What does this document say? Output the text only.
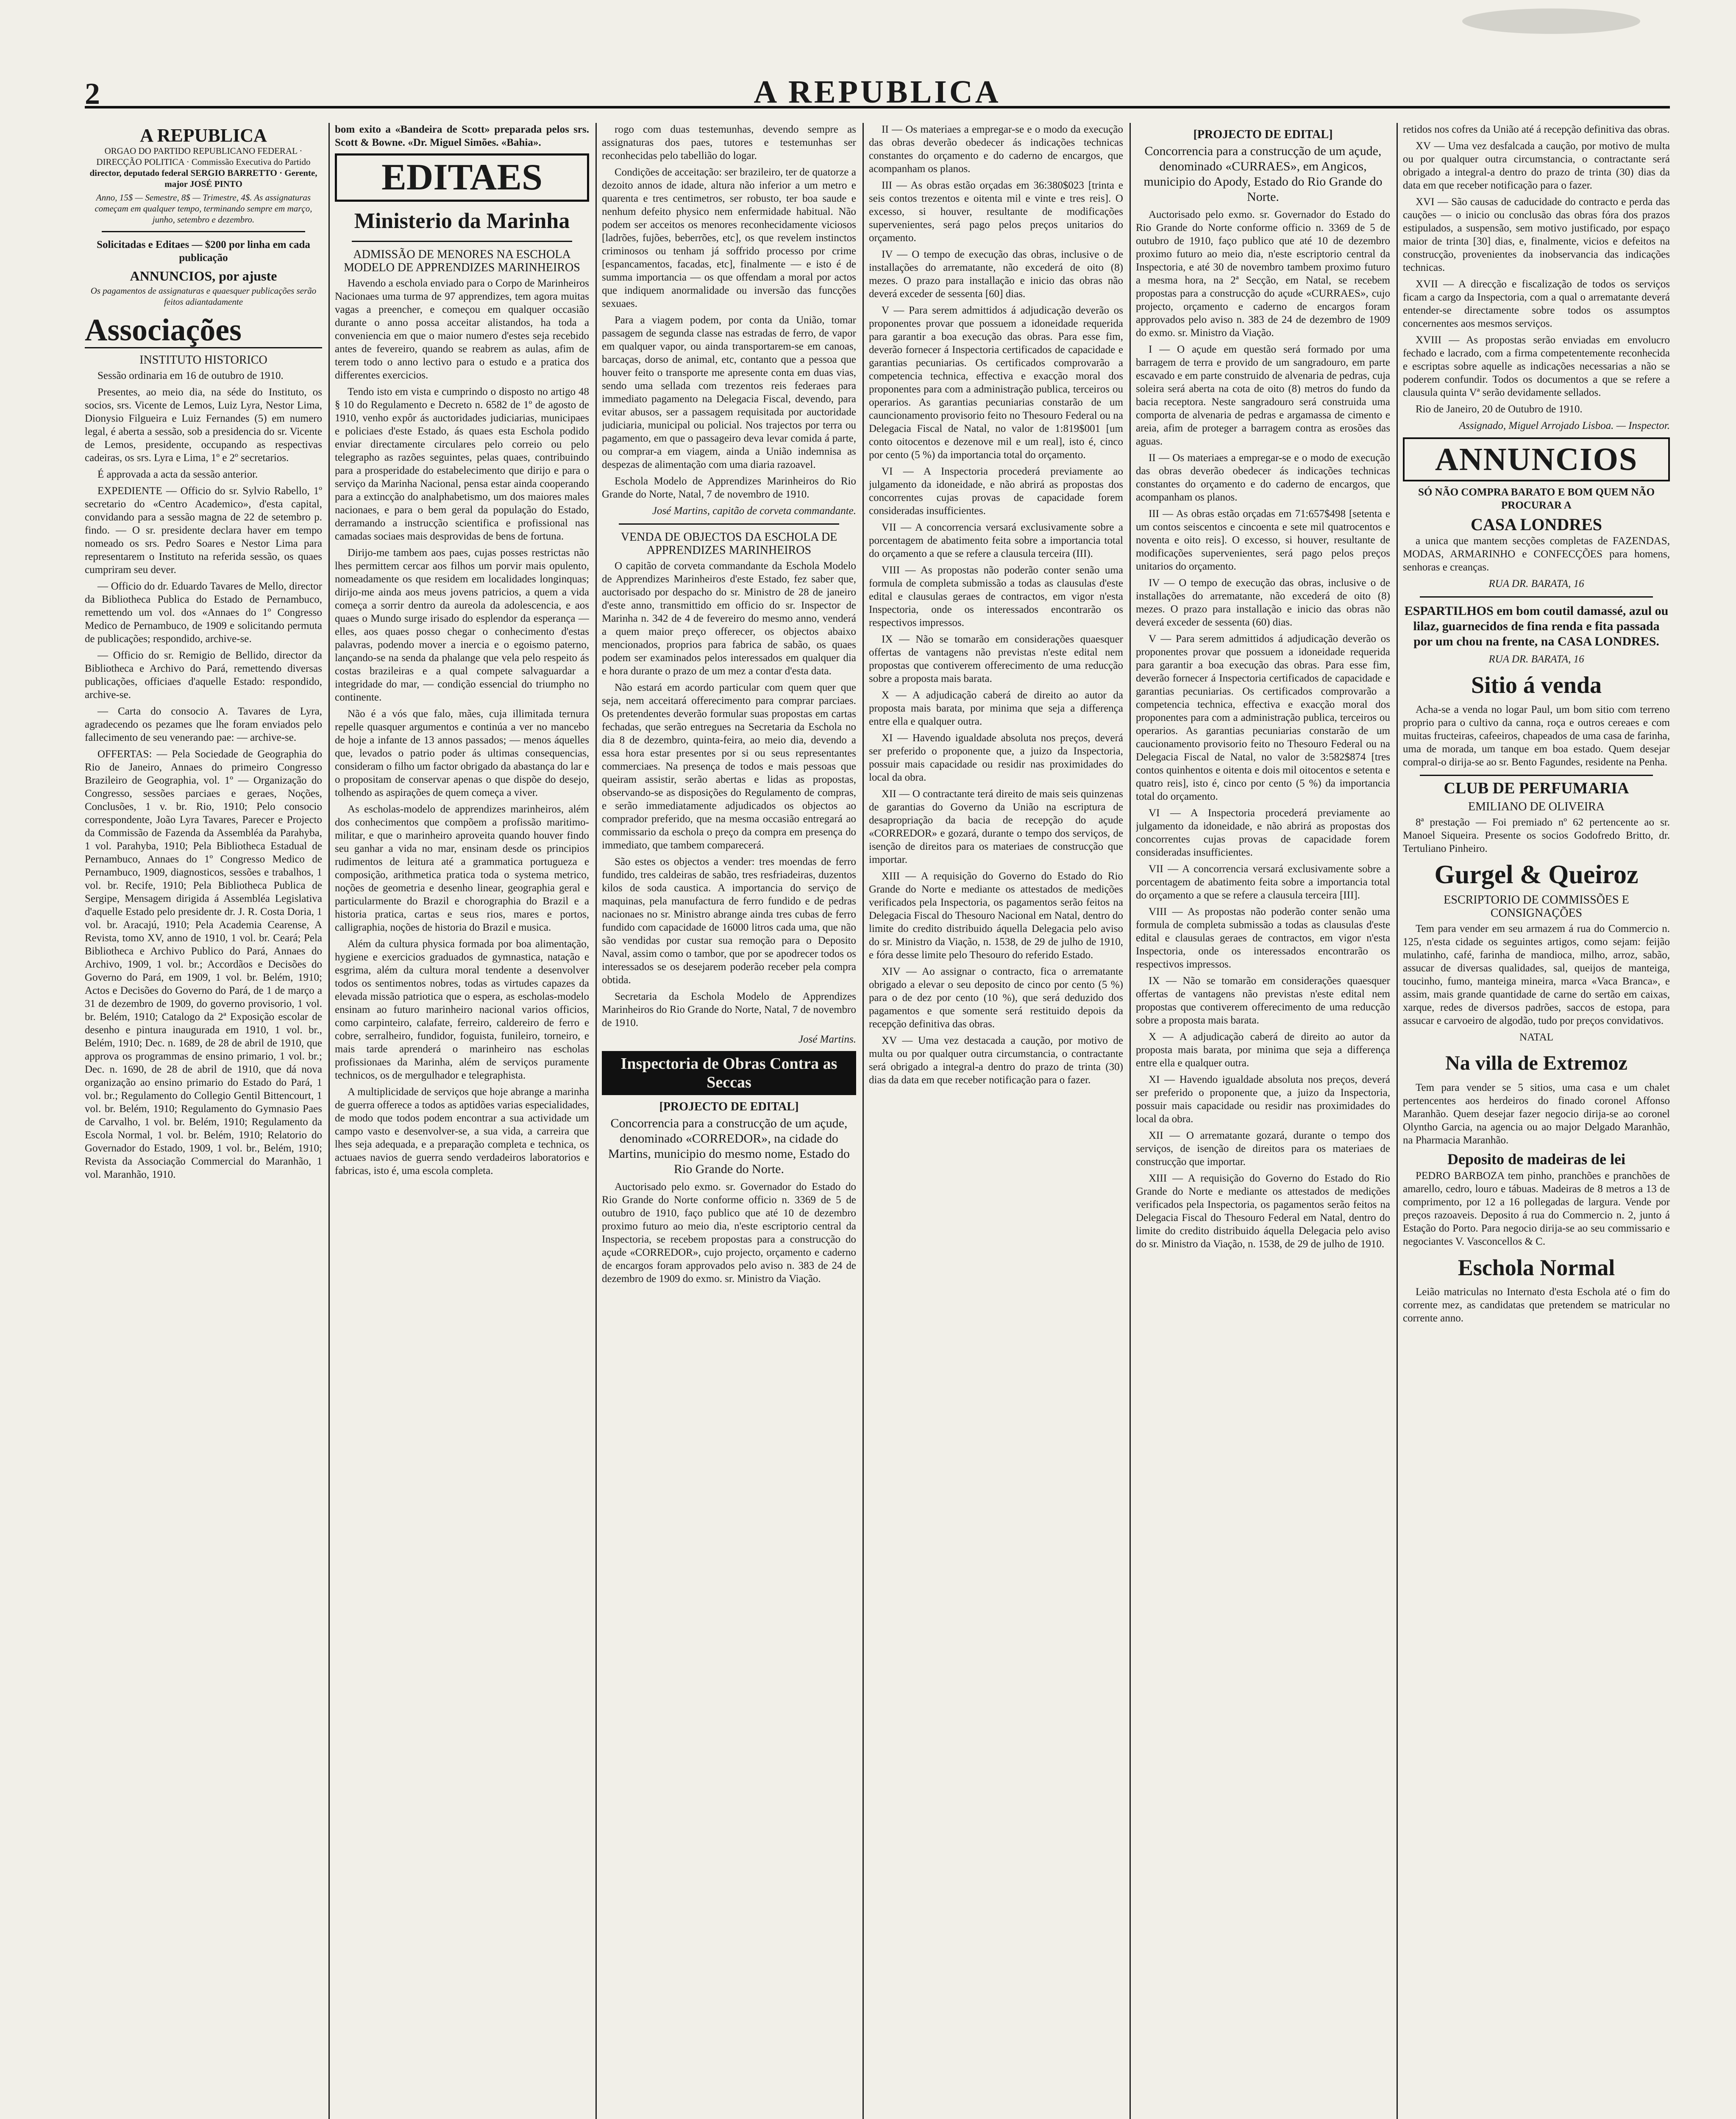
2	A REPUBLICA
A REPUBLICA
ORGAO DO PARTIDO REPUBLICANO FEDERAL · DIRECÇÃO POLITICA · Commissão Executiva do Partido
director, deputado federal SERGIO BARRETTO · Gerente, major JOSÉ PINTO
Anno, 15$ — Semestre, 8$ — Trimestre, 4$. As assignaturas começam em qualquer tempo, terminando sempre em março, junho, setembro e dezembro.
Solicitadas e Editaes — $200 por linha em cada publicação
ANNUNCIOS, por ajuste
Os pagamentos de assignaturas e quaesquer publicações serão feitos adiantadamente
Associações
INSTITUTO HISTORICO

Sessão ordinaria em 16 de outubro de 1910.

Presentes, ao meio dia, na séde do Instituto, os socios, srs. Vicente de Lemos, Luiz Lyra, Nestor Lima, Dionysio Filgueira e Luiz Fernandes (5) em numero legal, é aberta a sessão, sob a presidencia do sr. Vicente de Lemos, presidente, occupando as respectivas cadeiras, os srs. Lyra e Lima, 1º e 2º secretarios.

É approvada a acta da sessão anterior.

EXPEDIENTE — Officio do sr. Sylvio Rabello, 1º secretario do «Centro Academico», d'esta capital, convidando para a sessão magna de 22 de setembro p. findo. — O sr. presidente declara haver em tempo nomeado os srs. Pedro Soares e Nestor Lima para representarem o Instituto na referida sessão, os quaes cumpriram seu dever.

— Officio do dr. Eduardo Tavares de Mello, director da Bibliotheca Publica do Estado de Pernambuco, remettendo um vol. dos «Annaes do 1º Congresso Medico de Pernambuco, de 1909 e solicitando permuta de publicações; respondido, archive-se.

— Officio do sr. Remigio de Bellido, director da Bibliotheca e Archivo do Pará, remettendo diversas publicações, officiaes d'aquelle Estado: respondido, archive-se.

— Carta do consocio A. Tavares de Lyra, agradecendo os pezames que lhe foram enviados pelo fallecimento de seu venerando pae: — archive-se.

OFFERTAS: — Pela Sociedade de Geographia do Rio de Janeiro, Annaes do primeiro Congresso Brazileiro de Geographia, vol. 1º — Organização do Congresso, sessões parciaes e geraes, Noções, Conclusões, 1 v. br. Rio, 1910; Pelo consocio correspondente, João Lyra Tavares, Parecer e Projecto da Commissão de Fazenda da Assembléa da Parahyba, 1 vol. Parahyba, 1910; Pela Bibliotheca Estadual de Pernambuco, Annaes do 1º Congresso Medico de Pernambuco, 1909, diagnosticos, sessões e trabalhos, 1 vol. br. Recife, 1910; Pela Bibliotheca Publica de Sergipe, Mensagem dirigida á Assembléa Legislativa d'aquelle Estado pelo presidente dr. J. R. Costa Doria, 1 vol. br. Aracajú, 1910; Pela Academia Cearense, A Revista, tomo XV, anno de 1910, 1 vol. br. Ceará; Pela Bibliotheca e Archivo Publico do Pará, Annaes do Archivo, 1909, 1 vol. br.; Accordãos e Decisões do Governo do Pará, em 1909, 1 vol. br. Belém, 1910; Actos e Decisões do Governo do Pará, de 1 de março a 31 de dezembro de 1909, do governo provisorio, 1 vol. br. Belém, 1910; Catalogo da 2ª Exposição escolar de desenho e pintura inaugurada em 1910, 1 vol. br., Belém, 1910; Dec. n. 1689, de 28 de abril de 1910, que approva os programmas de ensino primario, 1 vol. br.; Dec. n. 1690, de 28 de abril de 1910, que dá nova organização ao ensino primario do Estado do Pará, 1 vol. br.; Regulamento do Collegio Gentil Bittencourt, 1 vol. br. Belém, 1910; Regulamento do Gymnasio Paes de Carvalho, 1 vol. br. Belém, 1910; Regulamento da Escola Normal, 1 vol. br. Belém, 1910; Relatorio do Governador do Estado, 1909, 1 vol. br., Belém, 1910; Revista da Associação Commercial do Maranhão, 1 vol. Maranhão, 1910.

bom exito a «Bandeira de Scott» preparada pelos srs. Scott & Bowne. «Dr. Miguel Simões. «Bahia».
EDITAES
Ministerio da Marinha
ADMISSÃO DE MENORES NA ESCHOLA MODELO DE APPRENDIZES MARINHEIROS

Havendo a eschola enviado para o Corpo de Marinheiros Nacionaes uma turma de 97 apprendizes, tem agora muitas vagas a preencher, e começou em qualquer occasião durante o anno possa acceitar alistandos, ha toda a conveniencia em que o maior numero d'estes seja recebido antes de fevereiro, quando se reabrem as aulas, afim de terem todo o anno lectivo para o estudo e a pratica dos differentes exercicios.

Tendo isto em vista e cumprindo o disposto no artigo 48 § 10 do Regulamento e Decreto n. 6582 de 1º de agosto de 1910, venho expôr ás auctoridades judiciarias, municipaes e policiaes d'este Estado, ás quaes esta Eschola podido enviar directamente circulares pelo correio ou pelo telegrapho as razões seguintes, pelas quaes, contribuindo para a prosperidade do estabelecimento que dirijo e para o serviço da Marinha Nacional, pensa estar ainda cooperando para a extincção do analphabetismo, um dos maiores males nacionaes, e para o bem geral da população do Estado, derramando a instrucção scientifica e profissional nas camadas sociaes mais desprovidas de bens de fortuna.

Dirijo-me tambem aos paes, cujas posses restrictas não lhes permittem cercar aos filhos um porvir mais opulento, nomeadamente os que residem em localidades longinquas; dirijo-me ainda aos meus jovens patricios, a quem a vida começa a sorrir dentro da aureola da adolescencia, e aos quaes o Mundo surge irisado do esplendor da esperança — elles, aos quaes posso chegar o conhecimento d'estas palavras, podendo mover a inercia e o egoismo paterno, lançando-se na senda da phalange que vela pelo respeito ás costas brazileiras e a qual compete salvaguardar a integridade do mar, — condição essencial do triumpho no continente.

Não é a vós que falo, mães, cuja illimitada ternura repelle quasquer argumentos e continúa a ver no mancebo de hoje a infante de 13 annos passados; — menos áquelles que, levados o patrio poder ás ultimas consequencias, consideram o filho um factor obrigado da abastança do lar e o propositam de conservar apenas o que dispõe do desejo, tolhendo as aspirações de quem começa a viver.

As escholas-modelo de apprendizes marinheiros, além dos conhecimentos que compõem a profissão maritimo-militar, e que o marinheiro aproveita quando houver findo seu ganhar a vida no mar, ensinam desde os principios rudimentos de leitura até a grammatica portugueza e composição, arithmetica pratica toda o systema metrico, noções de geometria e desenho linear, geographia geral e particularmente do Brazil e chorographia do Brazil e a historia pratica, cartas e seus rios, mares e portos, calligraphia, noções de historia do Brazil e musica.

Além da cultura physica formada por boa alimentação, hygiene e exercicios graduados de gymnastica, natação e esgrima, além da cultura moral tendente a desenvolver todos os sentimentos nobres, todas as virtudes capazes da elevada missão patriotica que o espera, as escholas-modelo ensinam ao futuro marinheiro nacional varios officios, como carpinteiro, calafate, ferreiro, caldereiro de ferro e cobre, serralheiro, fundidor, foguista, funileiro, torneiro, e mais tarde aprenderá o marinheiro nas escholas profissionaes da Marinha, além de serviços puramente technicos, os de mergulhador e telegraphista.

A multiplicidade de serviços que hoje abrange a marinha de guerra offerece a todos as aptidões varias especialidades, de modo que todos podem encontrar a sua actividade um campo vasto e desenvolver-se, a sua vida, a carreira que lhes seja adequada, e a preparação completa e technica, os actuaes navios de guerra sendo verdadeiros laboratorios e fabricas, isto é, uma escola completa.

rogo com duas testemunhas, devendo sempre as assignaturas dos paes, tutores e testemunhas ser reconhecidas pelo tabellião do logar.

Condições de acceitação: ser brazileiro, ter de quatorze a dezoito annos de idade, altura não inferior a um metro e quarenta e tres centimetros, ser robusto, ter boa saude e nenhum defeito physico nem enfermidade habitual. Não podem ser acceitos os menores reconhecidamente viciosos [ladrões, fujões, beberrões, etc], os que revelem instinctos criminosos ou tenham já soffrido processo por crime [espancamentos, facadas, etc], finalmente — e isto é de summa importancia — os que offendam a moral por actos que indiquem anormalidade ou inversão das funcções sexuaes.

Para a viagem podem, por conta da União, tomar passagem de segunda classe nas estradas de ferro, de vapor em qualquer vapor, ou ainda transportarem-se em canoas, barcaças, dorso de animal, etc, contanto que a pessoa que houver feito o transporte me apresente conta em duas vias, sendo uma sellada com trezentos reis federaes para immediato pagamento na Delegacia Fiscal, devendo, para evitar abusos, ser a passagem requisitada por auctoridade judiciaria, municipal ou policial. Nos trajectos por terra ou pagamento, em que o passageiro deva levar comida á parte, ou comprar-a em viagem, ainda a União indemnisa as despezas de alimentação com uma diaria razoavel.

Eschola Modelo de Apprendizes Marinheiros do Rio Grande do Norte, Natal, 7 de novembro de 1910.

José Martins, capitão de corveta commandante.
VENDA DE OBJECTOS DA ESCHOLA DE APPRENDIZES MARINHEIROS

O capitão de corveta commandante da Eschola Modelo de Apprendizes Marinheiros d'este Estado, fez saber que, auctorisado por despacho do sr. Ministro de 28 de janeiro d'este anno, transmittido em officio do sr. Inspector de Marinha n. 342 de 4 de fevereiro do mesmo anno, venderá a quem maior preço offerecer, os objectos abaixo mencionados, proprios para fabrica de sabão, os quaes podem ser examinados pelos interessados em qualquer dia e hora durante o prazo de um mez a contar d'esta data.

Não estará em acordo particular com quem quer que seja, nem acceitará offerecimento para comprar parciaes. Os pretendentes deverão formular suas propostas em cartas fechadas, que serão entregues na Secretaria da Eschola no dia 8 de dezembro, quinta-feira, ao meio dia, devendo a essa hora estar presentes por si ou seus representantes commerciaes. Na presença de todos e mais pessoas que queiram assistir, serão abertas e lidas as propostas, observando-se as disposições do Regulamento de compras, e serão immediatamente adjudicados os objectos ao comprador preferido, que na mesma occasião entregará ao commissario da eschola o preço da compra em presença do immediato, que tambem comparecerá.

São estes os objectos a vender: tres moendas de ferro fundido, tres caldeiras de sabão, tres resfriadeiras, duzentos kilos de soda caustica. A importancia do serviço de maquinas, pela manufactura de ferro fundido e de pedras nacionaes no sr. Ministro abrange ainda tres cubas de ferro fundido com capacidade de 16000 litros cada uma, que não são vendidas por custar sua remoção para o Deposito Naval, assim como o tambor, que por se apodrecer todos os interessados se os desejarem poderão receber pela compra obtida.

Secretaria da Eschola Modelo de Apprendizes Marinheiros do Rio Grande do Norte, Natal, 7 de novembro de 1910.

José Martins.
Inspectoria de Obras Contra as Seccas
[PROJECTO DE EDITAL]
Concorrencia para a construcção de um açude, denominado «CORREDOR», na cidade do Martins, municipio do mesmo nome, Estado do Rio Grande do Norte.
Auctorisado pelo exmo. sr. Governador do Estado do Rio Grande do Norte conforme officio n. 3369 de 5 de outubro de 1910, faço publico que até 10 de dezembro proximo futuro ao meio dia, n'este escriptorio central da Inspectoria, se recebem propostas para a construcção do açude «CORREDOR», cujo projecto, orçamento e caderno de encargos foram approvados pelo aviso n. 383 de 24 de dezembro de 1909 do exmo. sr. Ministro da Viação.

II — Os materiaes a empregar-se e o modo da execução das obras deverão obedecer ás indicações technicas constantes do orçamento e do caderno de encargos, que acompanham os planos.

III — As obras estão orçadas em 36:380$023 [trinta e seis contos trezentos e oitenta mil e vinte e tres reis]. O excesso, si houver, resultante de modificações supervenientes, será pago pelos preços unitarios do orçamento.

IV — O tempo de execução das obras, inclusive o de installações do arrematante, não excederá de oito (8) mezes. O prazo para installação e inicio das obras não deverá exceder de sessenta [60] dias.

V — Para serem admittidos á adjudicação deverão os proponentes provar que possuem a idoneidade requerida para garantir a boa execução das obras. Para esse fim, deverão fornecer á Inspectoria certificados de capacidade e garantias pecuniarias. Os certificados comprovarão a competencia technica, effectiva e exacção moral dos proponentes para com a administração publica, terceiros ou operarios. As garantias pecuniarias constarão de um cauncionamento provisorio feito no Thesouro Federal ou na Delegacia Fiscal de Natal, no valor de 1:819$001 [um conto oitocentos e dezenove mil e um real], isto é, cinco por cento (5 %) da importancia total do orçamento.

VI — A Inspectoria procederá previamente ao julgamento da idoneidade, e não abrirá as propostas dos concorrentes cujas provas de capacidade forem consideradas insufficientes.

VII — A concorrencia versará exclusivamente sobre a porcentagem de abatimento feita sobre a importancia total do orçamento a que se refere a clausula terceira (III).

VIII — As propostas não poderão conter senão uma formula de completa submissão a todas as clausulas d'este edital e clausulas geraes de contractos, em vigor n'esta Inspectoria, onde os interessados encontrarão os respectivos impressos.

IX — Não se tomarão em considerações quaesquer offertas de vantagens não previstas n'este edital nem propostas que contiverem offerecimento de uma reducção sobre a proposta mais barata.

X — A adjudicação caberá de direito ao autor da proposta mais barata, por minima que seja a differença entre ella e qualquer outra.

XI — Havendo igualdade absoluta nos preços, deverá ser preferido o proponente que, a juizo da Inspectoria, possuir mais capacidade ou residir nas proximidades do local da obra.

XII — O contractante terá direito de mais seis quinzenas de garantias do Governo da União na escriptura de desapropriação da bacia de recepção do açude «CORREDOR» e gozará, durante o tempo dos serviços, de isenção de direitos para os materiaes de construcção que importar.

XIII — A requisição do Governo do Estado do Rio Grande do Norte e mediante os attestados de medições verificados pela Inspectoria, os pagamentos serão feitos na Delegacia Fiscal do Thesouro Nacional em Natal, dentro do limite do credito distribuido áquella Delegacia pelo aviso do sr. Ministro da Viação, n. 1538, de 29 de julho de 1910, e fóra desse limite pelo Thesouro do referido Estado.

XIV — Ao assignar o contracto, fica o arrematante obrigado a elevar o seu deposito de cinco por cento (5 %) para o de dez por cento (10 %), que será deduzido dos pagamentos e que somente será restituido depois da recepção definitiva das obras.

XV — Uma vez destacada a caução, por motivo de multa ou por qualquer outra circumstancia, o contractante será obrigado a integral-a dentro do prazo de trinta (30) dias da data em que receber notificação para o fazer.

[PROJECTO DE EDITAL]
Concorrencia para a construcção de um açude, denominado «CURRAES», em Angicos, municipio do Apody, Estado do Rio Grande do Norte.

Auctorisado pelo exmo. sr. Governador do Estado do Rio Grande do Norte conforme officio n. 3369 de 5 de outubro de 1910, faço publico que até 10 de dezembro proximo futuro ao meio dia, n'este escriptorio central da Inspectoria, e até 30 de novembro tambem proximo futuro a mesma hora, na 2ª Secção, em Natal, se recebem propostas para a construcção do açude «CURRAES», cujo projecto, orçamento e caderno de encargos foram approvados pelo aviso n. 383 de 24 de dezembro de 1909 do exmo. sr. Ministro da Viação.

I — O açude em questão será formado por uma barragem de terra e provido de um sangradouro, em parte escavado e em parte construido de alvenaria de pedras, cuja soleira será aberta na cota de oito (8) metros do fundo da bacia receptora. Neste sangradouro será construida uma comporta de alvenaria de pedras e argamassa de cimento e areia, afim de proteger a barragem contra as erosões das aguas.

II — Os materiaes a empregar-se e o modo de execução das obras deverão obedecer ás indicações technicas constantes do orçamento e do caderno de encargos, que acompanham os planos.

III — As obras estão orçadas em 71:657$498 [setenta e um contos seiscentos e cincoenta e sete mil quatrocentos e noventa e oito reis]. O excesso, si houver, resultante de modificações supervenientes, será pago pelos preços unitarios do orçamento.

IV — O tempo de execução das obras, inclusive o de installações do arrematante, não excederá de oito (8) mezes. O prazo para installação e inicio das obras não deverá exceder de sessenta (60) dias.

V — Para serem admittidos á adjudicação deverão os proponentes provar que possuem a idoneidade requerida para garantir a boa execução das obras. Para esse fim, deverão fornecer á Inspectoria certificados de capacidade e garantias pecuniarias. Os certificados comprovarão a competencia technica, effectiva e exacção moral dos proponentes para com a administração publica, terceiros ou operarios. As garantias pecuniarias constarão de um caucionamento provisorio feito no Thesouro Federal ou na Delegacia Fiscal de Natal, no valor de 3:582$874 [tres contos quinhentos e oitenta e dois mil oitocentos e setenta e quatro reis], isto é, cinco por cento (5 %) da importancia total do orçamento.

VI — A Inspectoria procederá previamente ao julgamento da idoneidade, e não abrirá as propostas dos concorrentes cujas provas de capacidade forem consideradas insufficientes.

VII — A concorrencia versará exclusivamente sobre a porcentagem de abatimento feita sobre a importancia total do orçamento a que se refere a clausula terceira [III].

VIII — As propostas não poderão conter senão uma formula de completa submissão a todas as clausulas d'este edital e clausulas geraes de contractos, em vigor n'esta Inspectoria, onde os interessados encontrarão os respectivos impressos.

IX — Não se tomarão em considerações quaesquer offertas de vantagens não previstas n'este edital nem propostas que contiverem offerecimento de uma reducção sobre a proposta mais barata.

X — A adjudicação caberá de direito ao autor da proposta mais barata, por minima que seja a differença entre ella e qualquer outra.

XI — Havendo igualdade absoluta nos preços, deverá ser preferido o proponente que, a juizo da Inspectoria, possuir mais capacidade ou residir nas proximidades do local da obra.

XII — O arrematante gozará, durante o tempo dos serviços, de isenção de direitos para os materiaes de construcção que importar.

XIII — A requisição do Governo do Estado do Rio Grande do Norte e mediante os attestados de medições verificados pela Inspectoria, os pagamentos serão feitos na Delegacia Fiscal do Thesouro Federal em Natal, dentro do limite do credito distribuido áquella Delegacia pelo aviso do sr. Ministro da Viação, n. 1538, de 29 de julho de 1910.

retidos nos cofres da União até á recepção definitiva das obras.

XV — Uma vez desfalcada a caução, por motivo de multa ou por qualquer outra circumstancia, o contractante será obrigado a integral-a dentro do prazo de trinta (30) dias da data em que receber notificação para o fazer.

XVI — São causas de caducidade do contracto e perda das cauções — o inicio ou conclusão das obras fóra dos prazos estipulados, a suspensão, sem motivo justificado, por espaço maior de trinta [30] dias, e, finalmente, vicios e defeitos na construcção, provenientes da inobservancia das indicações technicas.

XVII — A direcção e fiscalização de todos os serviços ficam a cargo da Inspectoria, com a qual o arrematante deverá entender-se directamente sobre todos os assumptos concernentes aos mesmos serviços.

XVIII — As propostas serão enviadas em envolucro fechado e lacrado, com a firma competentemente reconhecida e escriptas sobre aquelle as indicações necessarias a não se poderem confundir. Todos os documentos a que se refere a clausula quinta Vª serão devidamente sellados.

Rio de Janeiro, 20 de Outubro de 1910.

Assignado, Miguel Arrojado Lisboa. — Inspector.
ANNUNCIOS
SÓ NÃO COMPRA BARATO E BOM QUEM NÃO PROCURAR A
CASA LONDRES
a unica que mantem secções completas de FAZENDAS, MODAS, ARMARINHO e CONFECÇÕES para homens, senhoras e creanças.
RUA DR. BARATA, 16
ESPARTILHOS em bom coutil damassé, azul ou lilaz, guarnecidos de fina renda e fita passada por um chou na frente, na CASA LONDRES.
RUA DR. BARATA, 16
Sitio á venda
Acha-se a venda no logar Paul, um bom sitio com terreno proprio para o cultivo da canna, roça e outros cereaes e com muitas fructeiras, cafeeiros, chapeados de uma casa de farinha, uma de morada, um tanque em boa estado. Quem desejar compral-o dirija-se ao sr. Bento Fagundes, residente na Penha.
CLUB DE PERFUMARIA
EMILIANO DE OLIVEIRA
8ª prestação — Foi premiado nº 62 pertencente ao sr. Manoel Siqueira. Presente os socios Godofredo Britto, dr. Tertuliano Pinheiro.
Gurgel & Queiroz
ESCRIPTORIO DE COMMISSÕES E CONSIGNAÇÕES
Tem para vender em seu armazem á rua do Commercio n. 125, n'esta cidade os seguintes artigos, como sejam: feijão mulatinho, café, farinha de mandioca, milho, arroz, sabão, assucar de diversas qualidades, sal, queijos de manteiga, toucinho, fumo, manteiga mineira, marca «Vaca Branca», e assim, mais grande quantidade de carne do sertão em caixas, xarque, redes de diversos padrões, saccos de estopa, para assucar e carvoeiro de algodão, tudo por preços convidativos.
NATAL
Na villa de Extremoz
Tem para vender se 5 sitios, uma casa e um chalet pertencentes aos herdeiros do finado coronel Affonso Maranhão. Quem desejar fazer negocio dirija-se ao coronel Olyntho Garcia, na agencia ou ao major Delgado Maranhão, na Pharmacia Maranhão.
Deposito de madeiras de lei
PEDRO BARBOZA tem pinho, pranchões e pranchões de amarello, cedro, louro e tábuas. Madeiras de 8 metros a 13 de comprimento, por 12 a 16 pollegadas de largura. Vende por preços razoaveis. Deposito á rua do Commercio n. 2, junto á Estação do Porto. Para negocio dirija-se ao seu commissario e negociantes V. Vasconcellos & C.
Eschola Normal
Leião matriculas no Internato d'esta Eschola até o fim do corrente mez, as candidatas que pretendem se matricular no corrente anno.
